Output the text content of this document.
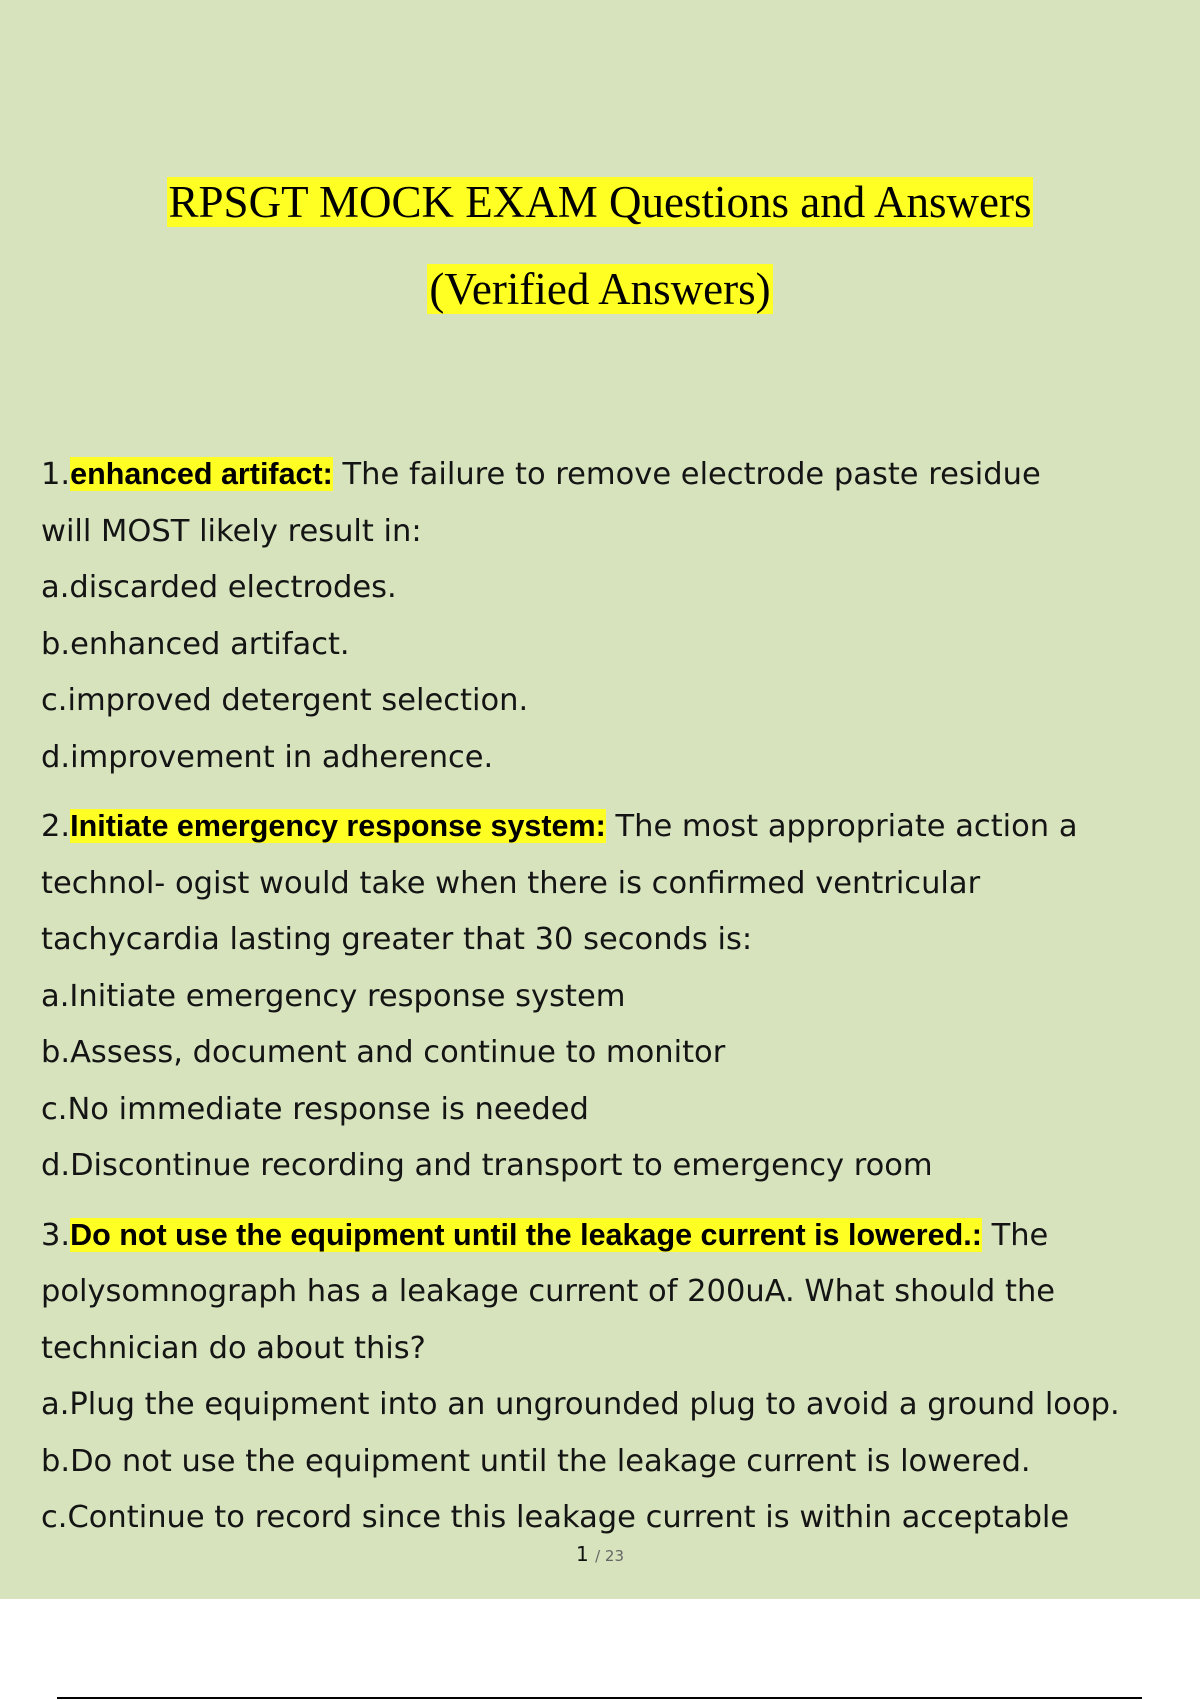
RPSGT MOCK EXAM Questions and Answers
(Verified Answers)
1.enhanced artifact: The failure to remove electrode paste residue
will MOST likely result in:
a.discarded electrodes.
b.enhanced artifact.
c.improved detergent selection.
d.improvement in adherence.
2.Initiate emergency response system: The most appropriate action a
technol- ogist would take when there is confirmed ventricular
tachycardia lasting greater that 30 seconds is:
a.Initiate emergency response system
b.Assess, document and continue to monitor
c.No immediate response is needed
d.Discontinue recording and transport to emergency room
3.Do not use the equipment until the leakage current is lowered.: The
polysomnograph has a leakage current of 200uA. What should the
technician do about this?
a.Plug the equipment into an ungrounded plug to avoid a ground loop.
b.Do not use the equipment until the leakage current is lowered.
c.Continue to record since this leakage current is within acceptable
1 / 23
